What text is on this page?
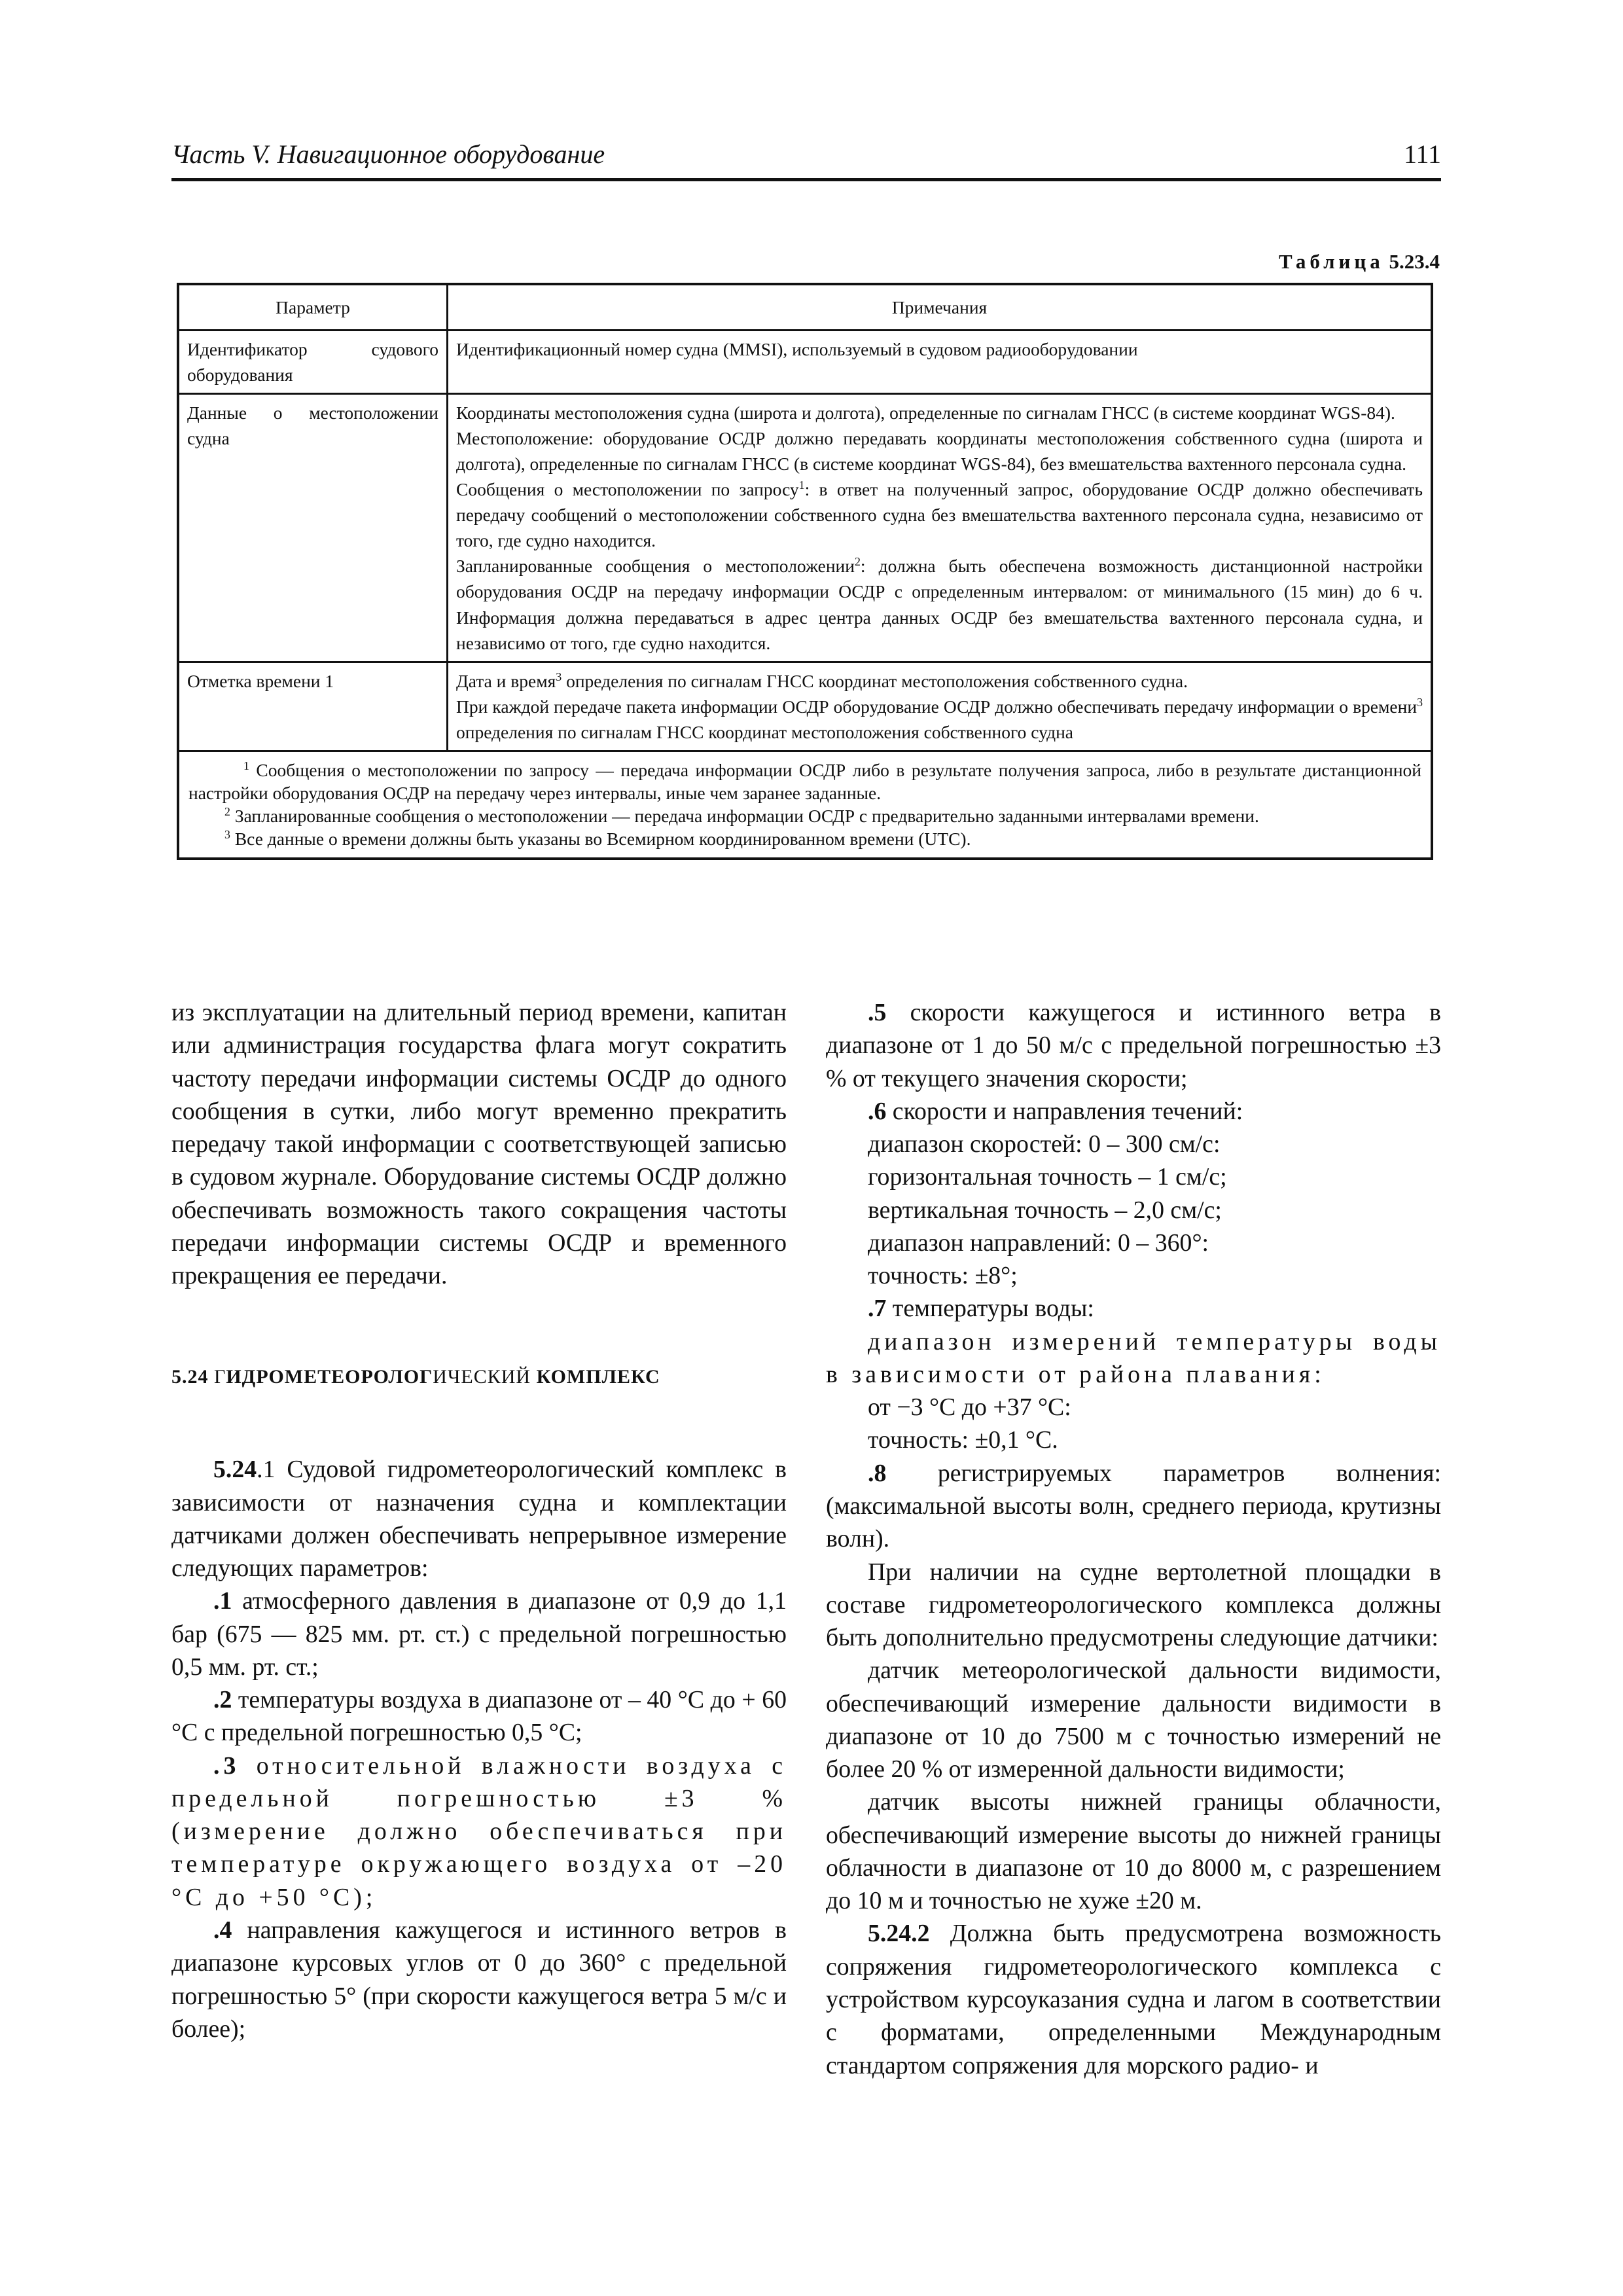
Часть V. Навигационное оборудование	111
Таблица 5.23.4
Параметр	Примечания
Идентификатор судового оборудования	Идентификационный номер судна (MMSI), используемый в судовом радиооборудовании

Данные о местоположении судна	Координаты местоположения судна (широта и долгота), определенные по сигналам ГНСС (в системе координат WGS-84).

Местоположение: оборудование ОСДР должно передавать координаты местоположения собственного судна (широта и долгота), определенные по сигналам ГНСС (в системе координат WGS-84), без вмешательства вахтенного персонала судна.

Сообщения о местоположении по запросу$^1$: в ответ на полученный запрос, оборудование ОСДР должно обеспечивать передачу сообщений о местоположении собственного судна без вмешательства вахтенного персонала судна, независимо от того, где судно находится.

Запланированные сообщения о местоположении$^2$: должна быть обеспечена возможность дистанционной настройки оборудования ОСДР на передачу информации ОСДР с определенным интервалом: от минимального (15 мин) до 6 ч. Информация должна передаваться в адрес центра данных ОСДР без вмешательства вахтенного персонала судна, и независимо от того, где судно находится.

Отметка времени 1	Дата и время$^3$ определения по сигналам ГНСС координат местоположения собственного судна.

При каждой передаче пакета информации ОСДР оборудование ОСДР должно обеспечивать передачу информации о времени$^3$ определения по сигналам ГНСС координат местоположения собственного судна

$^1$ Сообщения о местоположении по запросу — передача информации ОСДР либо в результате получения запроса, либо в результате дистанционной настройки оборудования ОСДР на передачу через интервалы, иные чем заранее заданные.

$^2$ Запланированные сообщения о местоположении — передача информации ОСДР с предварительно заданными интервалами времени.

$^3$ Все данные о времени должны быть указаны во Всемирном координированном времени (UTC).	

из эксплуатации на длительный период времени, капитан или администрация государства флага могут сократить частоту передачи информации системы ОСДР до одного сообщения в сутки, либо могут временно прекратить передачу такой информации с соответствующей записью в судовом журнале. Оборудование системы ОСДР должно обеспечивать возможность такого сокращения частоты передачи информации системы ОСДР и временного прекращения ее передачи.

5.24 ГИДРОМЕТЕОРОЛОГИЧЕСКИЙ КОМПЛЕКС

5.24.1 Судовой гидрометеорологический комплекс в зависимости от назначения судна и комплектации датчиками должен обеспечивать непрерывное измерение следующих параметров:

.1 атмосферного давления в диапазоне от 0,9 до 1,1 бар (675 — 825 мм. рт. ст.) с предельной погрешностью 0,5 мм. рт. ст.;

.2 температуры воздуха в диапазоне от – 40 °С до + 60 °С с предельной погрешностью 0,5 °С;

.3 относительной влажности воздуха с предельной погрешностью ±3 % (измерение должно обеспечиваться при температуре окружающего воздуха от –20 °С до +50 °С);

.4 направления кажущегося и истинного ветров в диапазоне курсовых углов от 0 до 360° с предельной погрешностью 5° (при скорости кажущегося ветра 5 м/с и более);

.5 скорости кажущегося и истинного ветра в диапазоне от 1 до 50 м/с с предельной погрешностью ±3 % от текущего значения скорости;

.6 скорости и направления течений:

диапазон скоростей: 0 – 300 см/с:

горизонтальная точность – 1 см/с;

вертикальная точность – 2,0 см/с;

диапазон направлений: 0 – 360°:

точность: ±8°;

.7 температуры воды:

диапазон измерений температуры воды в зависимости от района плавания:

от −3 °С до +37 °С:

точность: ±0,1 °С.

.8 регистрируемых параметров волнения: (максимальной высоты волн, среднего периода, крутизны волн).

При наличии на судне вертолетной площадки в составе гидрометеорологического комплекса должны быть дополнительно предусмотрены следующие датчики:

датчик метеорологической дальности видимости, обеспечивающий измерение дальности видимости в диапазоне от 10 до 7500 м с точностью измерений не более 20 % от измеренной дальности видимости;

датчик высоты нижней границы облачности, обеспечивающий измерение высоты до нижней границы облачности в диапазоне от 10 до 8000 м, с разрешением до 10 м и точностью не хуже ±20 м.

5.24.2 Должна быть предусмотрена возможность сопряжения гидрометеорологического комплекса с устройством курсоуказания судна и лагом в соответствии с форматами, определенными Международным стандартом сопряжения для морского радио- и
